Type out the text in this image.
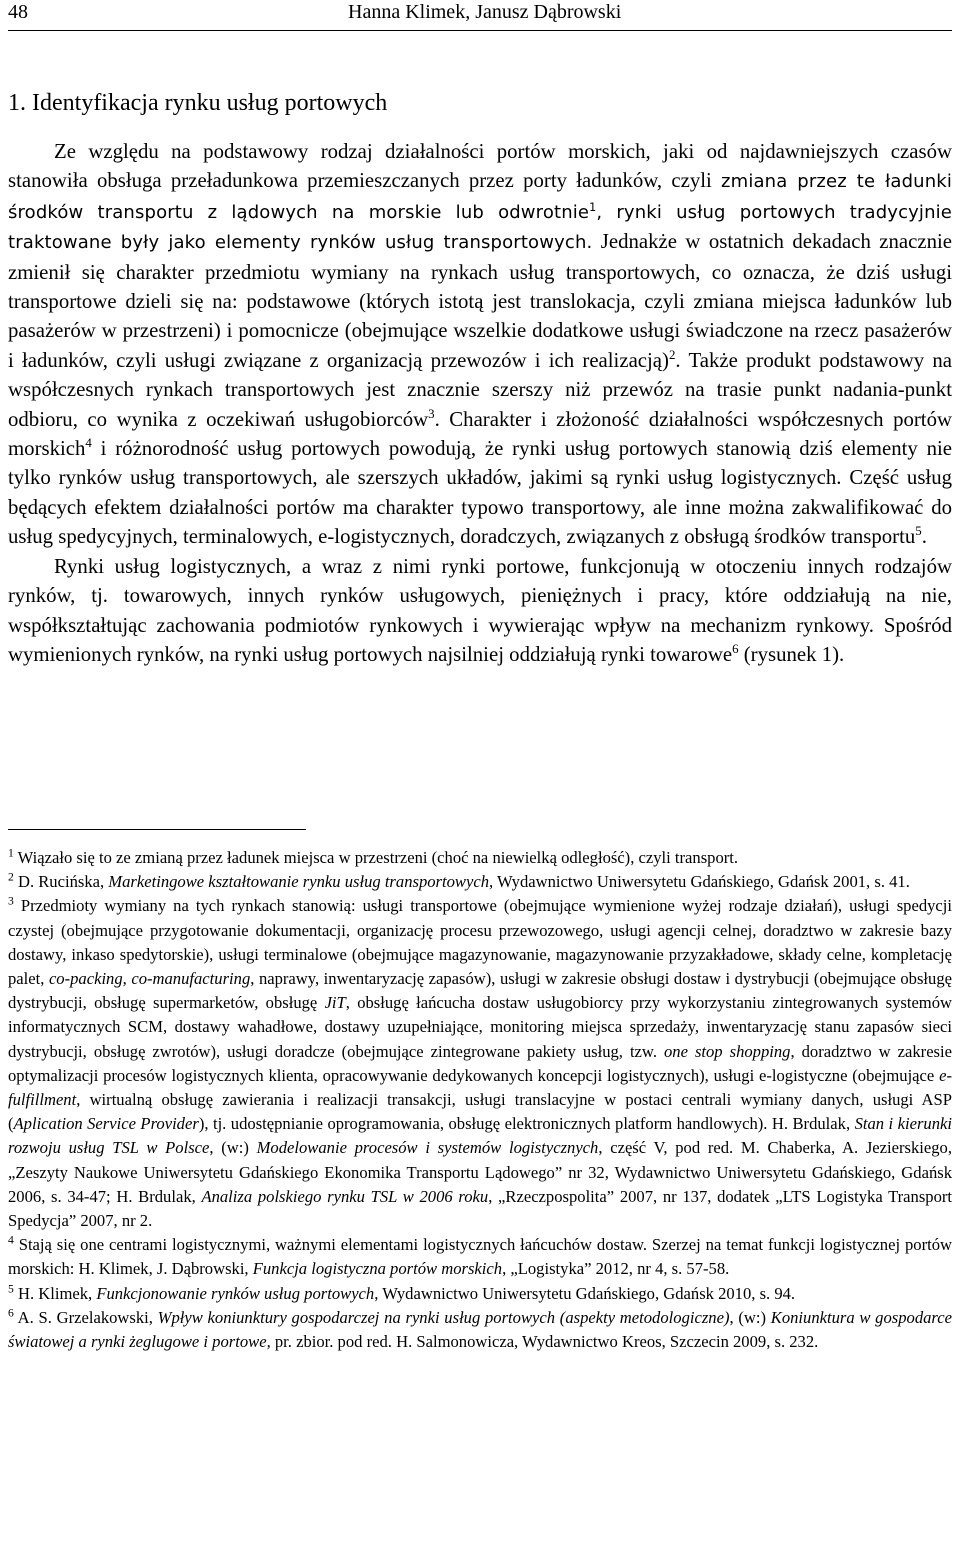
48	Hanna Klimek, Janusz Dąbrowski
1. Identyfikacja rynku usług portowych

Ze względu na podstawowy rodzaj działalności portów morskich, jaki od najdawniejszych czasów stanowiła obsługa przeładunkowa przemieszczanych przez porty ładunków, czyli zmiana przez te ładunki środków transportu z lądowych na morskie lub odwrotnie$^1$, rynki usług portowych tradycyjnie traktowane były jako elementy rynków usług transportowych. Jednakże w ostatnich dekadach znacznie zmienił się charakter przedmiotu wymiany na rynkach usług transportowych, co oznacza, że dziś usługi transportowe dzieli się na: podstawowe (których istotą jest translokacja, czyli zmiana miejsca ładunków lub pasażerów w przestrzeni) i pomocnicze (obejmujące wszelkie dodatkowe usługi świadczone na rzecz pasażerów i ładunków, czyli usługi związane z organizacją przewozów i ich realizacją)$^2$. Także produkt podstawowy na współczesnych rynkach transportowych jest znacznie szerszy niż przewóz na trasie punkt nadania-punkt odbioru, co wynika z oczekiwań usługobiorców$^3$. Charakter i złożoność działalności współczesnych portów morskich$^4$ i różnorodność usług portowych powodują, że rynki usług portowych stanowią dziś elementy nie tylko rynków usług transportowych, ale szerszych układów, jakimi są rynki usług logistycznych. Część usług będących efektem działalności portów ma charakter typowo transportowy, ale inne można zakwalifikować do usług spedycyjnych, terminalowych, e-logistycznych, doradczych, związanych z obsługą środków transportu$^5$.

Rynki usług logistycznych, a wraz z nimi rynki portowe, funkcjonują w otoczeniu innych rodzajów rynków, tj. towarowych, innych rynków usługowych, pieniężnych i pracy, które oddziałują na nie, współkształtując zachowania podmiotów rynkowych i wywierając wpływ na mechanizm rynkowy. Spośród wymienionych rynków, na rynki usług portowych najsilniej oddziałują rynki towarowe$^6$ (rysunek 1).

$^1$ Wiązało się to ze zmianą przez ładunek miejsca w przestrzeni (choć na niewielką odległość), czyli transport.

$^2$ D. Rucińska, Marketingowe kształtowanie rynku usług transportowych, Wydawnictwo Uniwersytetu Gdańskiego, Gdańsk 2001, s. 41.

$^3$ Przedmioty wymiany na tych rynkach stanowią: usługi transportowe (obejmujące wymienione wyżej rodzaje działań), usługi spedycji czystej (obejmujące przygotowanie dokumentacji, organizację procesu przewozowego, usługi agencji celnej, doradztwo w zakresie bazy dostawy, inkaso spedytorskie), usługi terminalowe (obejmujące magazynowanie, magazynowanie przyzakładowe, składy celne, kompletację palet, co-packing, co-manufacturing, naprawy, inwentaryzację zapasów), usługi w zakresie obsługi dostaw i dystrybucji (obejmujące obsługę dystrybucji, obsługę supermarketów, obsługę JiT, obsługę łańcucha dostaw usługobiorcy przy wykorzystaniu zintegrowanych systemów informatycznych SCM, dostawy wahadłowe, dostawy uzupełniające, monitoring miejsca sprzedaży, inwentaryzację stanu zapasów sieci dystrybucji, obsługę zwrotów), usługi doradcze (obejmujące zintegrowane pakiety usług, tzw. one stop shopping, doradztwo w zakresie optymalizacji procesów logistycznych klienta, opracowywanie dedykowanych koncepcji logistycznych), usługi e-logistyczne (obejmujące e-fulfillment, wirtualną obsługę zawierania i realizacji transakcji, usługi translacyjne w postaci centrali wymiany danych, usługi ASP (Aplication Service Provider), tj. udostępnianie oprogramowania, obsługę elektronicznych platform handlowych). H. Brdulak, Stan i kierunki rozwoju usług TSL w Polsce, (w:) Modelowanie procesów i systemów logistycznych, część V, pod red. M. Chaberka, A. Jezierskiego, „Zeszyty Naukowe Uniwersytetu Gdańskiego Ekonomika Transportu Lądowego” nr 32, Wydawnictwo Uniwersytetu Gdańskiego, Gdańsk 2006, s. 34-47; H. Brdulak, Analiza polskiego rynku TSL w 2006 roku, „Rzeczpospolita” 2007, nr 137, dodatek „LTS Logistyka Transport Spedycja” 2007, nr 2.

$^4$ Stają się one centrami logistycznymi, ważnymi elementami logistycznych łańcuchów dostaw. Szerzej na temat funkcji logistycznej portów morskich: H. Klimek, J. Dąbrowski, Funkcja logistyczna portów morskich, „Logistyka” 2012, nr 4, s. 57-58.

$^5$ H. Klimek, Funkcjonowanie rynków usług portowych, Wydawnictwo Uniwersytetu Gdańskiego, Gdańsk 2010, s. 94.

$^6$ A. S. Grzelakowski, Wpływ koniunktury gospodarczej na rynki usług portowych (aspekty metodologiczne), (w:) Koniunktura w gospodarce światowej a rynki żeglugowe i portowe, pr. zbior. pod red. H. Salmonowicza, Wydawnictwo Kreos, Szczecin 2009, s. 232.
